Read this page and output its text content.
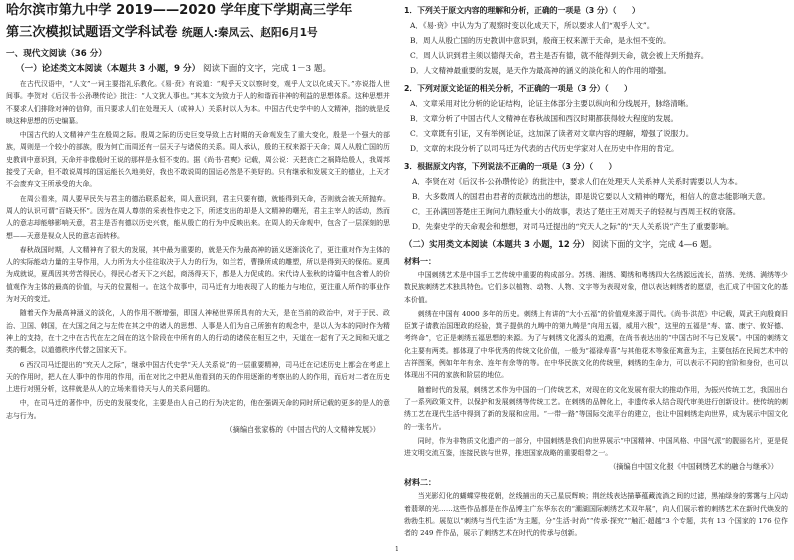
哈尔滨市第九中学 2019——2020 学年度下学期高三学年
第三次模拟试题语文学科试卷 统题人:秦凤云、赵阳6月1号
一、现代文阅读（36 分）
（一）论述类文本阅读（本题共 3 小题，9 分） 阅读下面的文字，完成 1－3 题。

在古代汉语中，“人文”一词主要指礼乐教化。《易·贲》有说道：“观乎天文以察时变，观乎人文以化成天下。”亦说指人世间事。李贺对《后汉书·公孙瓒传论》批注：“人文犹人事也。”其本文为致力于人的和谐而非神的利益的思想体系。这种思想并不要求人们排除对神的信仰，而只要求人们在处理天人（或神人）关系时以人为本。中国古代史学中的人文精神，指的就是反映这种思想的历史编纂。

中国古代的人文精神产生在殷周之际。殷周之际的历史巨变导致上古时期的天命观发生了重大变化，殷是一个强大的部族，周则是一个较小的部族，殷为何亡而周还有一层天子与诸侯的关系。周人承认，殷的王权来源于天命；周人从殷亡国的历史教训中意识到，天命并非像殷时王说的那样是永恒不变的。据《尚书·君奭》记载，周公说：天把丧亡之祸降给殷人，我周邦接受了天命，但不敢说周邦的国运能长久地美好，我也不敢说周的国运必然是不美好的。只有继承和发展文王的德业，上天才不会废弃文王所承受的大命。

在周公看来，周人要早民失与君主的德治联系起来，周人意识到，君主只要有德，就能得到天命，否则就会被天所抛弃。周人的认识可谓“百晓天怀”。因为在周人尊崇的采表性作史之下，所述支出的却是人文精神的曙光，君主主宰人的活动，然而人的意志却能够影响天意，君主是否有德以历史兴衰，能从殷亡的行为中反映出来。在周人的天命观中，包含了一层深刻的思想——天意是视众人民的意志而转移。

春秋战国时期，人文精神有了很大的发展，其中最为重要的，就是天作为最高神的涵义逐渐淡化了，更注重对作为主体的人的实际能动力量的主导作用，人力所为大小往往取决于人力的行为，如兰若，曹操所成的雕塑，所以是得到天的保佑。夏禹为成就说，夏禹因其劳苦得民心，得民心者天下之兴起，商汤得天下，都是人力促成的。宋代诗人张秋的诗篇中包含着人的价值观作为主体的最高的价值，与天的位置相一。在这个故事中，司马迁有力地表现了人的能力与地位，更注重人所作的事业作为对天的变迁。

随着天作为最高神涵义的淡化，人的作用不断增强，即国人神秘世界所具有的大天，是在当前的政治中，对于于民、政治、卫国、韩国，在大国之间之与左传在其之中的诸人的思想、人事是人们为自己所独有的观念中，是以人为本的同时作为精神上的支持，在十之中在古代在左之间在的这个阶段在中所有的人的行动的诸侯在相互之中，天道在一起有了天之间和天道之类的概念，以道德秩序代替之国家天下。

6 西汉司马迁提出的“究天人之际”，继承中国古代史学“天人关系说”的一层重要精神，司马迁在记述历史上都会在考虑上天的作用时，把人在人事中的作用的作用，而在对比之中把从他看到的天的作用逐渐的考察出的人的作用，而后对二者在历史上进行对照分析，这样就是从人的立场来看待天与人的关系问题的。

中，在司马迁的著作中，历史的发展变化，主要是由人自己的行为决定的，他在强调天命的同时所记载的更多的是人的意志与行为。

（摘编自张家栋的《中国古代的人文精神发展》）

1．下列关于原文内容的理解和分析，正确的一项是（3 分）（　　）

A．《易·贲》中认为为了观察时变以化成天下，所以要求人们“观乎人文”。

B．周人从殷亡国的历史教训中意识到，殷商王权来源于天命，是永恒不变的。

C．周人认识到君主须以德得天命，君主是否有德，就不能得到天命，就会被上天所抛弃。

D．人文精神最重要的发展，是天作为最高神的涵义的淡化和人的作用的增强。

2．下列对原文论证的相关分析，不正确的一项是（3 分）（　　）

A．文章采用对比分析的论证结构，论证主体部分主要以纵向和分线展开，脉络清晰。

B．文章分析了中国古代人文精神在春秋战国和西汉时期都获得较大程度的发展。

C．文章既有引证，又有举例论证，这加深了读者对文章内容的理解，增强了说服力。

D．文章的末段分析了以司马迁为代表的古代历史学家对人在历史中作用的肯定。

3．根据原文内容，下列说法不正确的一项是（3 分）（　　）

A．李贤在对《后汉书·公孙瓒传论》的批注中，要求人们在处理天人关系神人关系时需要以人为本。

B．大多数周人的国君由君者的贡献选出的想法，即是说它要以人文精神的曙光，相信人的意志能影响天意。

C．王孙满回答楚庄王询问九鼎轻重大小的故事，表达了楚庄王对周天子的轻视与西周王权的衰落。

D．先秦史学的天命观会和想想，对司马迁提出的“究天人之际”的“天人关系说”产生了重要影响。

（二）实用类文本阅读（本题共 3 小题，12 分） 阅读下面的文字，完成 4—6 题。
材料一：

中国刺绣艺术是中国手工艺传统中重要的构成部分。苏绣、湘绣、蜀绣和粤绣四大名绣源远流长，苗绣、羌绣、满绣等少数民族刺绣艺术独具特色。它们多以植物、动物、人物、文字等为表现对象，借以表达刺绣者的愿望，也汇成了中国文化的基本价值。

刺绣在中国有 4000 多年的历史。刺绣上有讲的“大小五福”的价值观来源于周代。《尚书·洪范》中记载，周武王向殷商旧臣箕子请教治国理政的经验，箕子提供的九畴中的第九畴是“向用五福，威用六极”，这里的五福是“寿、富、康宁、攸好德、考终命”，它正是刺绣五福思想的来源。为了与刺绣文化源头的追溯，在尚书表达出的“中国古时不与已发展”。中国的刺绣文化主要有两类。都体现了中华优秀的传统文化价值，一般为“福禄寿喜”与其他花木等象征寓意为主，主要包括在民间艺术中的吉祥图案，例如年年有余、连年有余等的等。在中华民族文化的传统里，刺绣的生命力，可以表示不同的官阶和身份，也可以体现出不同的家族和阶层的地位。

随着时代的发展，刺绣艺术作为中国的一门传统艺术，对现在的文化发展有很大的推动作用，为振兴传统工艺，我国出台了一系列政策文件，以保护和发展刺绣等传统工艺。在刺绣的品牌化上，非遗传承人结合现代审美进行创新设计。使传统的刺绣工艺在现代生活中得到了新的发展和应用。“一带一路”等国际交流平台的建立，也让中国刺绣走向世界，成为展示中国文化的一张名片。

同时，作为非物质文化遗产的一部分，中国刺绣是我们向世界展示“中国精神、中国风格、中国气派”的靓丽名片，更是促进文明交流互鉴，连接民族与世界，推进国家战略的重要组带之一。

（摘编自中国文化报《中国刺绣艺术的融合与继承》）

材料二：

当光影幻化的蝴蝶穿梭花朝，丝线捕出的天己星辰辉映；荆丝线表达描摹蕴藏流淌之间的过滤，黑袖绿身的雾霭与上闪动着翡翠的光……这些作品都是在作品博主广东华东衣的“潮湖国际刺绣艺术双年展”，向人们展示着的刺绣艺术在新时代焕发的勃勃生机。展览以“刺绣与当代生活”为主题，分“生活·时尚”“传承·探究”“触汇·超越”3 个专题，共有 13 个国家的 176 位作者的 249 件作品，展示了刺绣艺术在时代的传承与创新。

1
